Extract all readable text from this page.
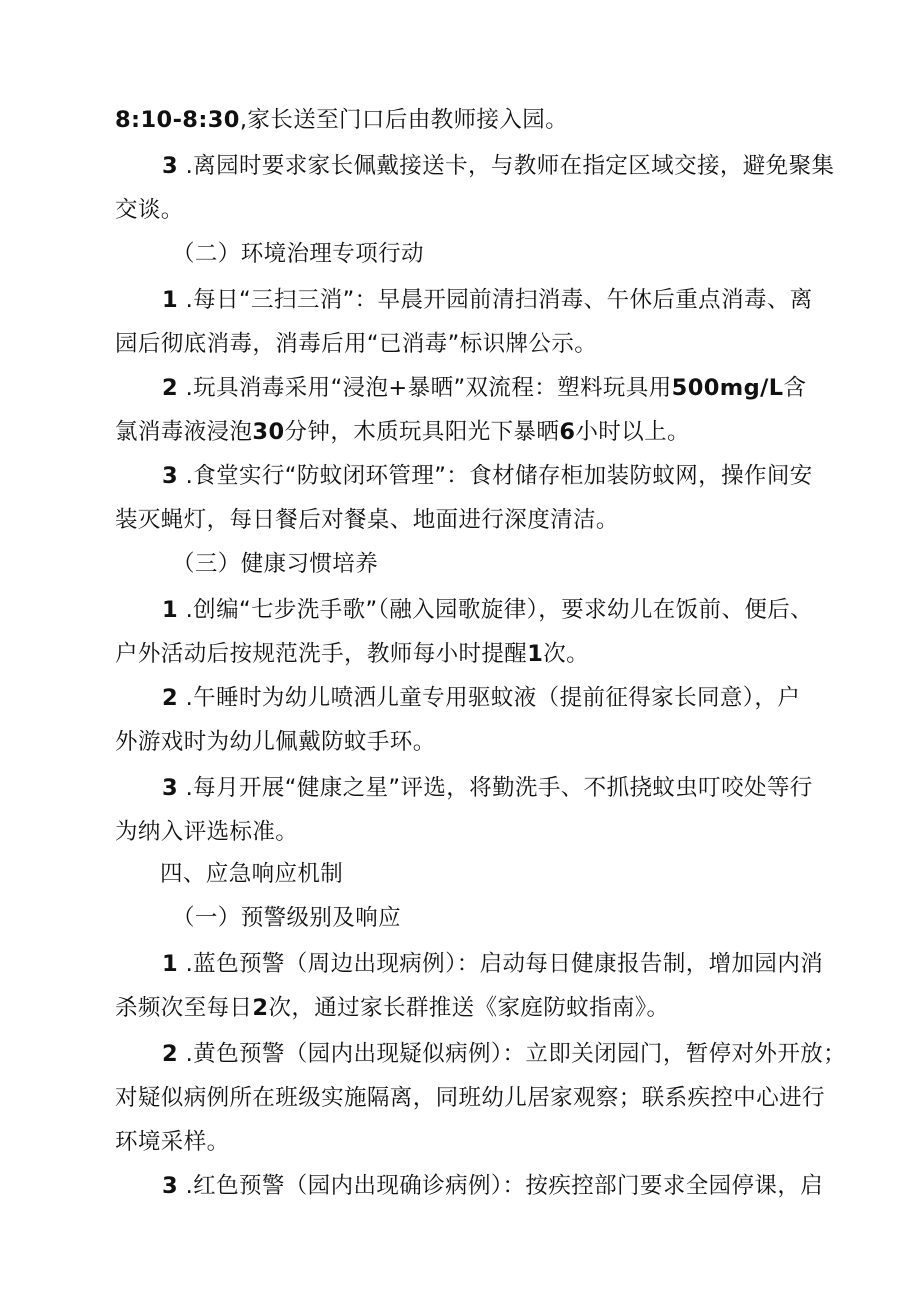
8:10-8:30,家长送至门口后由教师接入园。
3 .离园时要求家长佩戴接送卡，与教师在指定区域交接，避免聚集
交谈。
（二）环境治理专项行动
1 .每日“三扫三消”：早晨开园前清扫消毒、午休后重点消毒、离
园后彻底消毒，消毒后用“已消毒”标识牌公示。
2 .玩具消毒采用“浸泡+暴晒”双流程：塑料玩具用500mg/L含
氯消毒液浸泡30分钟，木质玩具阳光下暴晒6小时以上。
3 .食堂实行“防蚊闭环管理”：食材储存柜加装防蚊网，操作间安
装灭蝇灯，每日餐后对餐桌、地面进行深度清洁。
（三）健康习惯培养
1 .创编“七步洗手歌”（融入园歌旋律），要求幼儿在饭前、便后、
户外活动后按规范洗手，教师每小时提醒1次。
2 .午睡时为幼儿喷洒儿童专用驱蚊液（提前征得家长同意），户
外游戏时为幼儿佩戴防蚊手环。
3 .每月开展“健康之星”评选，将勤洗手、不抓挠蚊虫叮咬处等行
为纳入评选标准。
四、应急响应机制
（一）预警级别及响应
1 .蓝色预警（周边出现病例）：启动每日健康报告制，增加园内消
杀频次至每日2次，通过家长群推送《家庭防蚊指南》。
2 .黄色预警（园内出现疑似病例）：立即关闭园门，暂停对外开放；
对疑似病例所在班级实施隔离，同班幼儿居家观察；联系疾控中心进行
环境采样。
3 .红色预警（园内出现确诊病例）：按疾控部门要求全园停课，启
